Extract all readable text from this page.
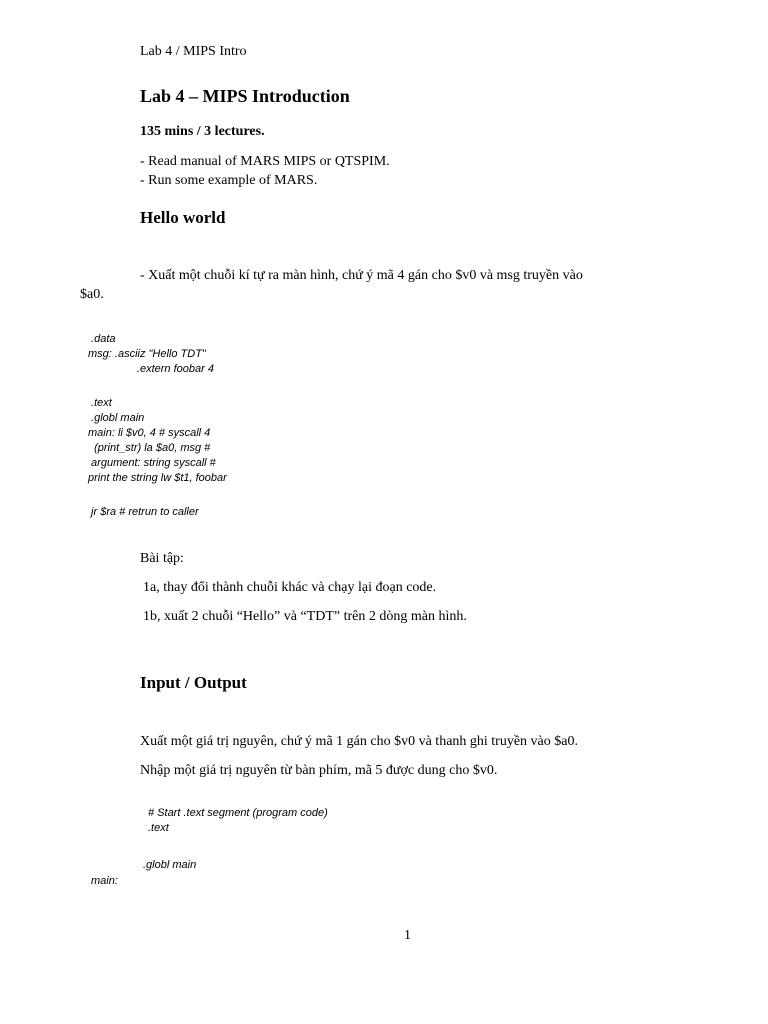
Lab 4 / MIPS Intro
Lab 4 – MIPS Introduction
135 mins / 3 lectures.
- Read manual of MARS MIPS or QTSPIM.
- Run some example of MARS.
Hello world
- Xuất một chuỗi kí tự ra màn hình, chứ ý mã 4 gán cho $v0 và msg truyền vào
$a0.
.data
msg: .asciiz "Hello TDT"
.extern foobar 4
.text
.globl main
main: li $v0, 4 # syscall 4
(print_str) la $a0, msg #
argument: string syscall #
print the string lw $t1, foobar
jr $ra # retrun to caller
Bài tập:
1a, thay đổi thành chuỗi khác và chạy lại đoạn code.
1b, xuất 2 chuỗi “Hello” và “TDT” trên 2 dòng màn hình.
Input / Output
Xuất một giá trị nguyên, chứ ý mã 1 gán cho $v0 và thanh ghi truyền vào $a0.
Nhập một giá trị nguyên từ bàn phím, mã 5 được dung cho $v0.
# Start .text segment (program code)
.text
.globl main
main:
1
